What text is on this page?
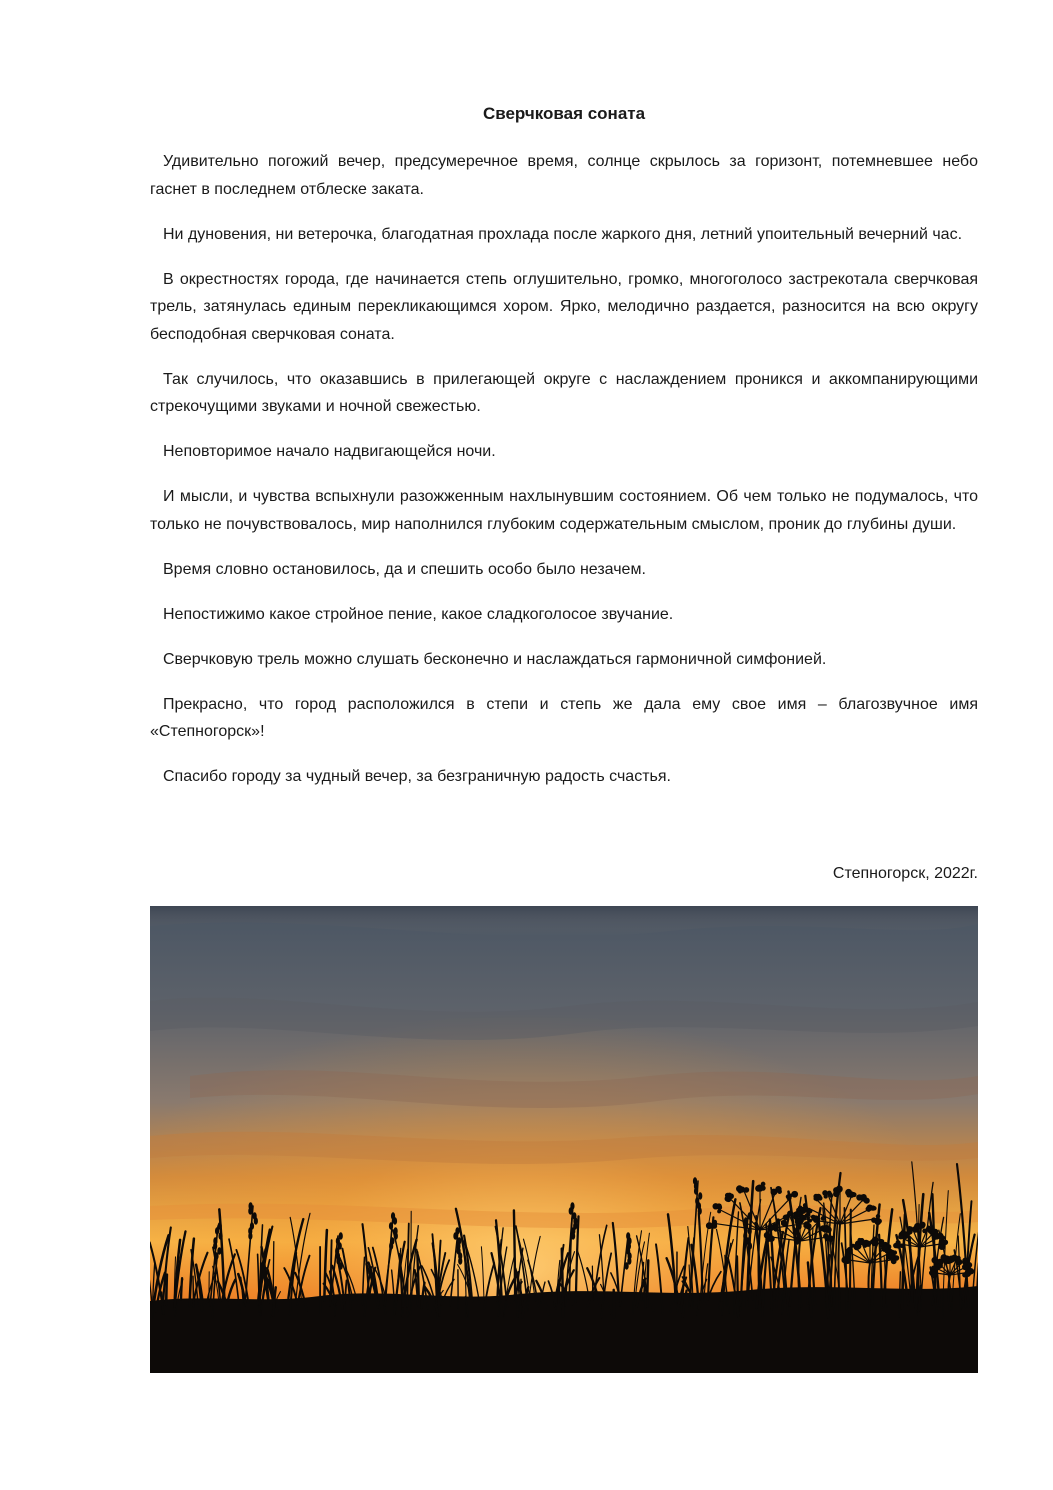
Сверчковая соната

Удивительно погожий вечер, предсумеречное время, солнце скрылось за горизонт, потемневшее небо гаснет в последнем отблеске заката.

Ни дуновения, ни ветерочка, благодатная прохлада после жаркого дня, летний упоительный вечерний час.

В окрестностях города, где начинается степь оглушительно, громко, многоголосо застрекотала сверчковая трель, затянулась единым перекликающимся хором. Ярко, мелодично раздается, разносится на всю округу бесподобная сверчковая соната.

Так случилось, что оказавшись в прилегающей округе с наслаждением проникся и аккомпанирующими стрекочущими звуками и ночной свежестью.

Неповторимое начало надвигающейся ночи.

И мысли, и чувства вспыхнули разожженным нахлынувшим состоянием. Об чем только не подумалось, что только не почувствовалось, мир наполнился глубоким содержательным смыслом, проник до глубины души.

Время словно остановилось, да и спешить особо было незачем.

Непостижимо какое стройное пение, какое сладкоголосое звучание.

Сверчковую трель можно слушать бесконечно и наслаждаться гармоничной симфонией.

Прекрасно, что город расположился в степи и степь же дала ему свое имя – благозвучное имя «Степногорск»!

Спасибо городу за чудный вечер, за безграничную радость счастья.

Степногорск, 2022г.
